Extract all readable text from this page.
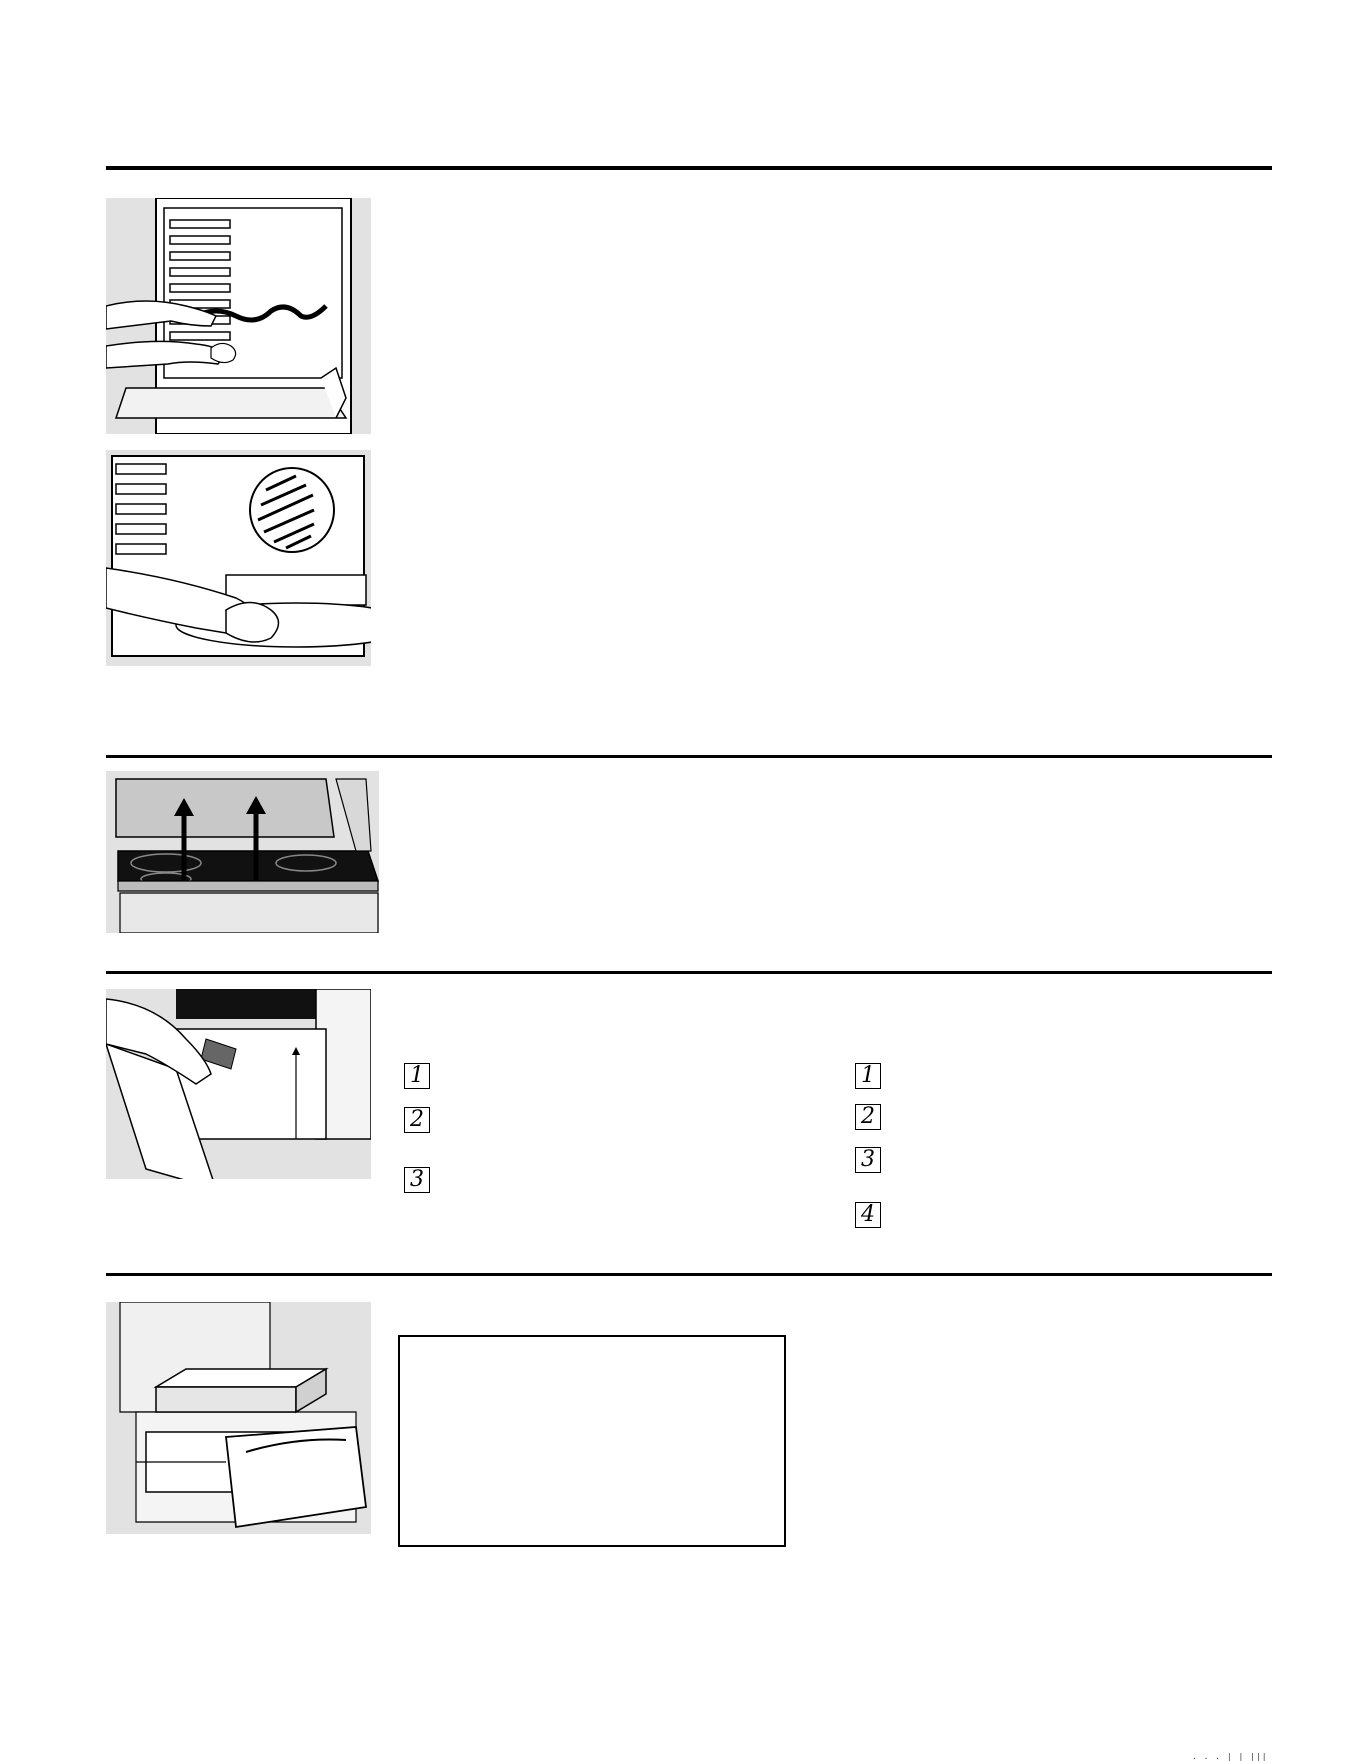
1
2
3
1
2
3
4
. . . | | |||
